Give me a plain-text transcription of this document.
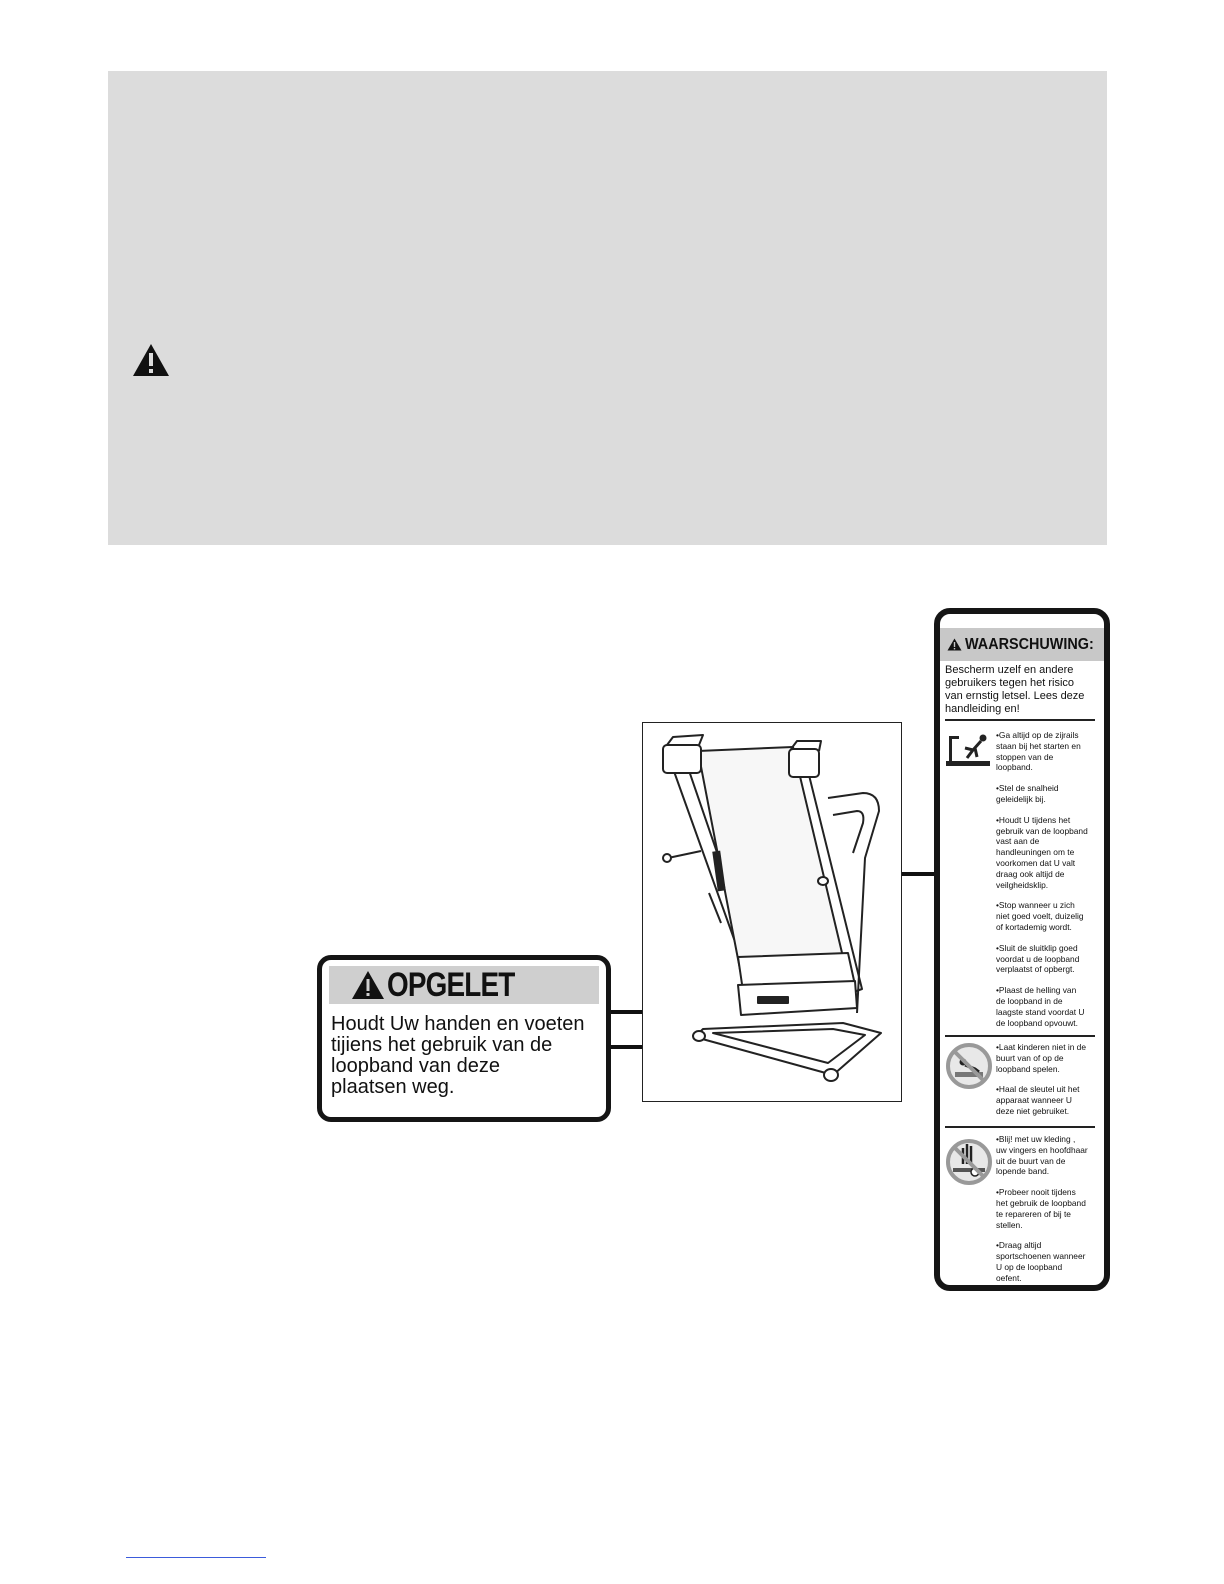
OPGELET
Houdt Uw handen en voeten
tijiens het gebruik van de
loopband van deze
plaatsen weg.
WAARSCHUWING:
Bescherm uzelf en andere
gebruikers tegen het risico
van ernstig letsel. Lees deze
handleiding en!
•Ga altijd op de zijrails
staan bij het starten en
stoppen van de
loopband.
•Stel de snalheid
geleidelijk bij.
•Houdt U tijdens het
gebruik van de loopband
vast aan de
handleuningen om te
voorkomen dat U valt
draag ook altijd de
veilgheidsklip.
•Stop wanneer u zich
niet goed voelt, duizelig
of kortademig wordt.
•Sluit de sluitklip goed
voordat u de loopband
verplaatst of opbergt.
•Plaast de helling van
de loopband in de
laagste stand voordat U
de loopband opvouwt.
•Laat kinderen niet in de
buurt van of op de
loopband spelen.
•Haal de sleutel uit het
apparaat wanneer U
deze niet gebruiket.
•Blij! met uw kleding ,
uw vingers en hoofdhaar
uit de buurt van de
lopende band.
•Probeer nooit tijdens
het gebruik de loopband
te repareren of bij te
stellen.
•Draag altijd
sportschoenen wanneer
U op de loopband
oefent.
